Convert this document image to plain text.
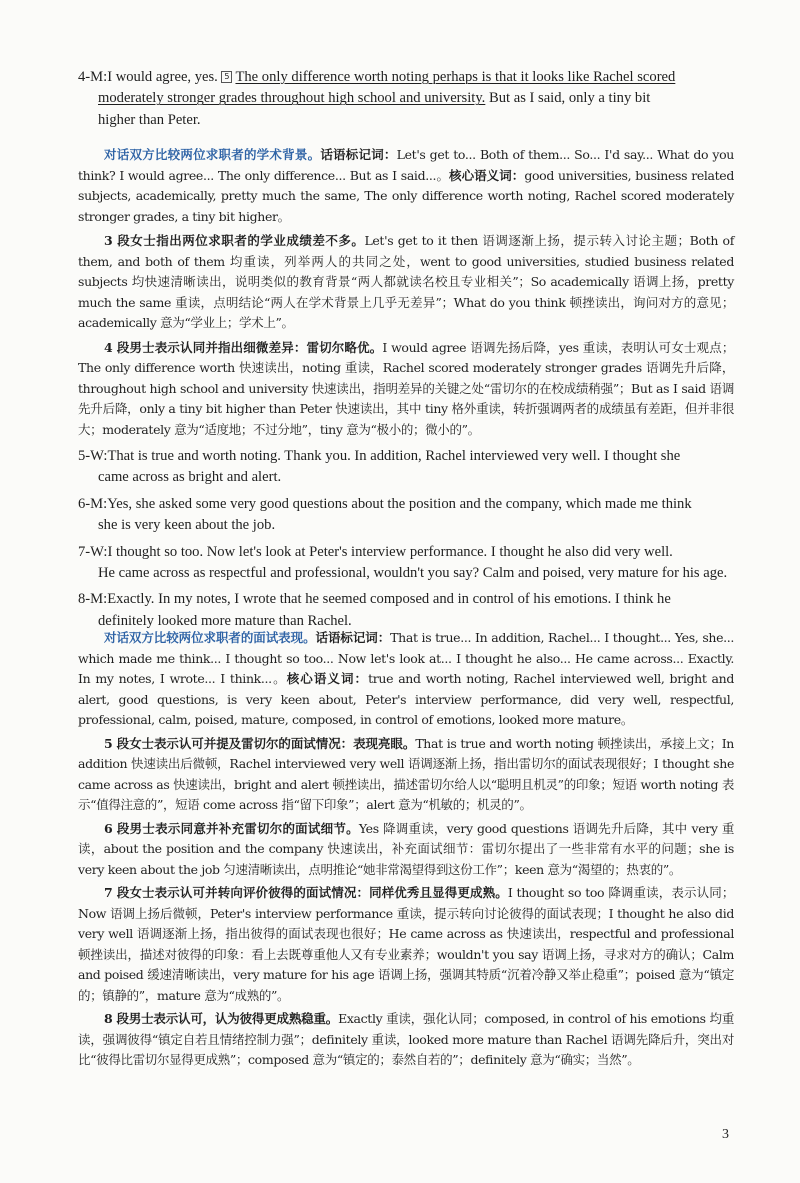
4-M:I would agree, yes. 5 The only difference worth noting perhaps is that it looks like Rachel scored

moderately stronger grades throughout high school and university. But as I said, only a tiny bit

higher than Peter.

对话双方比较两位求职者的学术背景。话语标记词：Let's get to... Both of them... So... I'd say... What do you think? I would agree... The only difference... But as I said...。核心语义词：good universities, business related subjects, academically, pretty much the same, The only difference worth noting, Rachel scored moderately stronger grades, a tiny bit higher。

3 段女士指出两位求职者的学业成绩差不多。Let's get to it then 语调逐渐上扬，提示转入讨论主题；Both of them, and both of them 均重读，列举两人的共同之处，went to good universities, studied business related subjects 均快速清晰读出，说明类似的教育背景“两人都就读名校且专业相关”；So academically 语调上扬，pretty much the same 重读，点明结论“两人在学术背景上几乎无差异”；What do you think 顿挫读出，询问对方的意见；academically 意为“学业上；学术上”。

4 段男士表示认同并指出细微差异：雷切尔略优。I would agree 语调先扬后降，yes 重读，表明认可女士观点；The only difference worth 快速读出，noting 重读，Rachel scored moderately stronger grades 语调先升后降，throughout high school and university 快速读出，指明差异的关键之处“雷切尔的在校成绩稍强”；But as I said 语调先升后降，only a tiny bit higher than Peter 快速读出，其中 tiny 格外重读，转折强调两者的成绩虽有差距，但并非很大；moderately 意为“适度地；不过分地”，tiny 意为“极小的；微小的”。

5-W:That is true and worth noting. Thank you. In addition, Rachel interviewed very well. I thought she

came across as bright and alert.

6-M:Yes, she asked some very good questions about the position and the company, which made me think

she is very keen about the job.

7-W:I thought so too. Now let's look at Peter's interview performance. I thought he also did very well.

He came across as respectful and professional, wouldn't you say? Calm and poised, very mature for his age.

8-M:Exactly. In my notes, I wrote that he seemed composed and in control of his emotions. I think he

definitely looked more mature than Rachel.

对话双方比较两位求职者的面试表现。话语标记词：That is true... In addition, Rachel... I thought... Yes, she... which made me think... I thought so too... Now let's look at... I thought he also... He came across... Exactly. In my notes, I wrote... I think...。核心语义词：true and worth noting, Rachel interviewed well, bright and alert, good questions, is very keen about, Peter's interview performance, did very well, respectful, professional, calm, poised, mature, composed, in control of emotions, looked more mature。

5 段女士表示认可并提及雷切尔的面试情况：表现亮眼。That is true and worth noting 顿挫读出，承接上文；In addition 快速读出后微顿，Rachel interviewed very well 语调逐渐上扬，指出雷切尔的面试表现很好；I thought she came across as 快速读出，bright and alert 顿挫读出，描述雷切尔给人以“聪明且机灵”的印象；短语 worth noting 表示“值得注意的”，短语 come across 指“留下印象”；alert 意为“机敏的；机灵的”。

6 段男士表示同意并补充雷切尔的面试细节。Yes 降调重读，very good questions 语调先升后降，其中 very 重读，about the position and the company 快速读出，补充面试细节：雷切尔提出了一些非常有水平的问题；she is very keen about the job 匀速清晰读出，点明推论“她非常渴望得到这份工作”；keen 意为“渴望的；热衷的”。

7 段女士表示认可并转向评价彼得的面试情况：同样优秀且显得更成熟。I thought so too 降调重读，表示认同；Now 语调上扬后微顿，Peter's interview performance 重读，提示转向讨论彼得的面试表现；I thought he also did very well 语调逐渐上扬，指出彼得的面试表现也很好；He came across as 快速读出，respectful and professional 顿挫读出，描述对彼得的印象：看上去既尊重他人又有专业素养；wouldn't you say 语调上扬，寻求对方的确认；Calm and poised 缓速清晰读出，very mature for his age 语调上扬，强调其特质“沉着冷静又举止稳重”；poised 意为“镇定的；镇静的”，mature 意为“成熟的”。

8 段男士表示认可，认为彼得更成熟稳重。Exactly 重读，强化认同；composed, in control of his emotions 均重读，强调彼得“镇定自若且情绪控制力强”；definitely 重读，looked more mature than Rachel 语调先降后升，突出对比“彼得比雷切尔显得更成熟”；composed 意为“镇定的；泰然自若的”；definitely 意为“确实；当然”。

3
